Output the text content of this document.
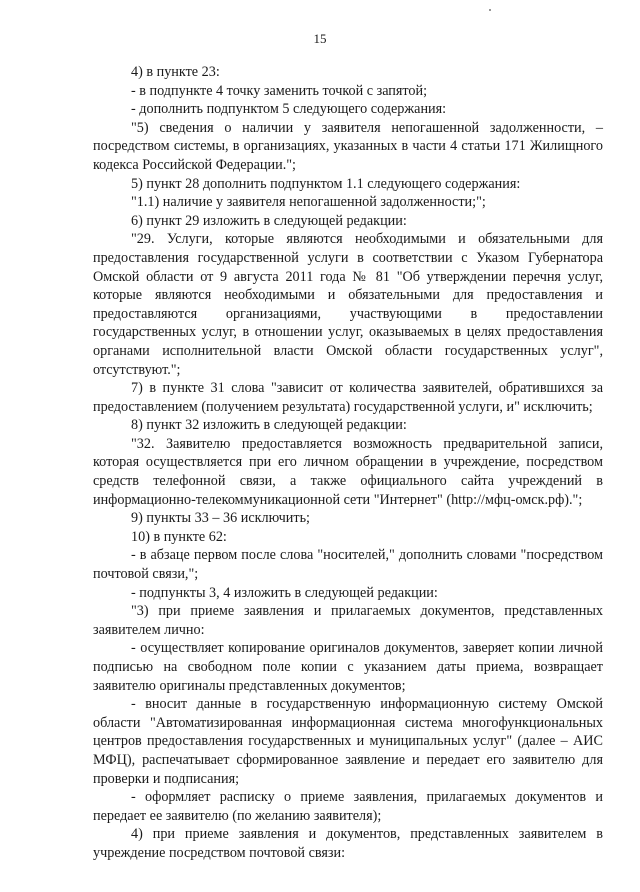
15

4) в пункте 23:

- в подпункте 4 точку заменить точкой с запятой;

- дополнить подпунктом 5 следующего содержания:

"5) сведения о наличии у заявителя непогашенной задолженности, – посредством системы, в организациях, указанных в части 4 статьи 171 Жилищного кодекса Российской Федерации.";

5) пункт 28 дополнить подпунктом 1.1 следующего содержания:

"1.1) наличие у заявителя непогашенной задолженности;";

6) пункт 29 изложить в следующей редакции:

"29. Услуги, которые являются необходимыми и обязательными для предоставления государственной услуги в соответствии с Указом Губернатора Омской области от 9 августа 2011 года № 81 "Об утверждении перечня услуг, которые являются необходимыми и обязательными для предоставления и предоставляются организациями, участвующими в предоставлении государственных услуг, в отношении услуг, оказываемых в целях предоставления органами исполнительной власти Омской области государственных услуг", отсутствуют.";

7) в пункте 31 слова "зависит от количества заявителей, обратившихся за предоставлением (получением результата) государственной услуги, и" исключить;

8) пункт 32 изложить в следующей редакции:

"32. Заявителю предоставляется возможность предварительной записи, которая осуществляется при его личном обращении в учреждение, посредством средств телефонной связи, а также официального сайта учреждений в информационно-телекоммуникационной сети "Интернет" (http://мфц-омск.рф).";

9) пункты 33 – 36 исключить;

10) в пункте 62:

- в абзаце первом после слова "носителей," дополнить словами "посредством почтовой связи,";

- подпункты 3, 4 изложить в следующей редакции:

"3) при приеме заявления и прилагаемых документов, представленных заявителем лично:

- осуществляет копирование оригиналов документов, заверяет копии личной подписью на свободном поле копии с указанием даты приема, возвращает заявителю оригиналы представленных документов;

- вносит данные в государственную информационную систему Омской области "Автоматизированная информационная система многофункциональных центров предоставления государственных и муниципальных услуг" (далее – АИС МФЦ), распечатывает сформированное заявление и передает его заявителю для проверки и подписания;

- оформляет расписку о приеме заявления, прилагаемых документов и передает ее заявителю (по желанию заявителя);

4) при приеме заявления и документов, представленных заявителем в учреждение посредством почтовой связи:
